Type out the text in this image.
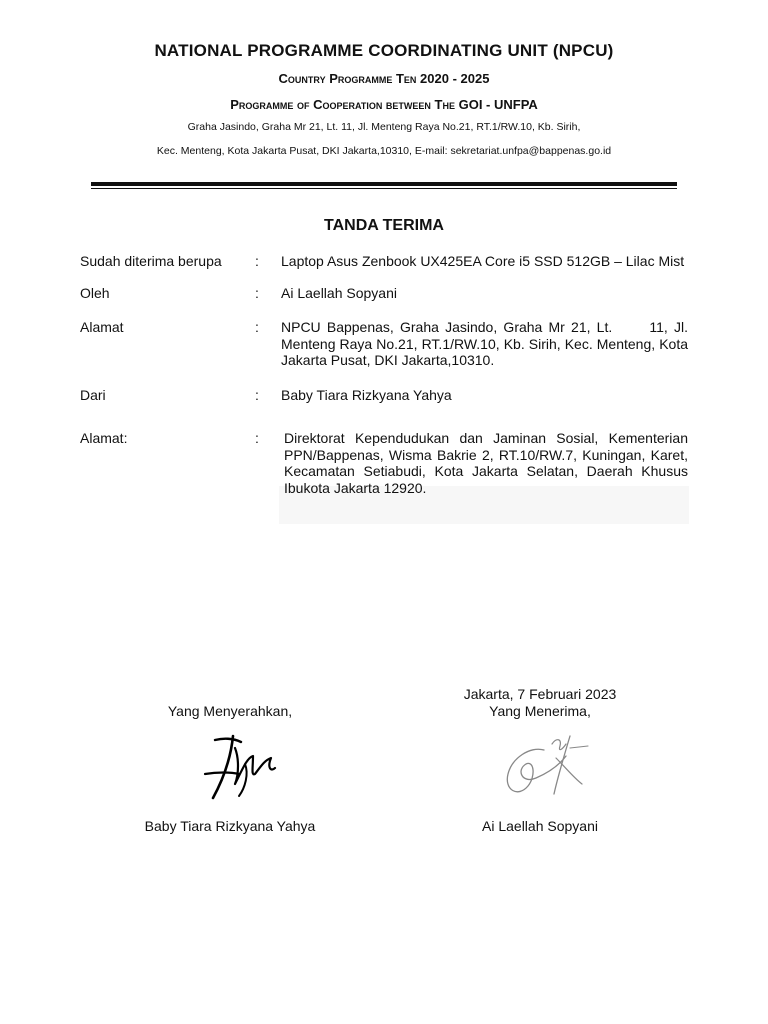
NATIONAL PROGRAMME COORDINATING UNIT (NPCU)
Country Programme Ten 2020 - 2025
Programme of Cooperation between The GOI - UNFPA
Graha Jasindo, Graha Mr 21, Lt. 11, Jl. Menteng Raya No.21, RT.1/RW.10, Kb. Sirih,
Kec. Menteng, Kota Jakarta Pusat, DKI Jakarta,10310, E-mail: sekretariat.unfpa@bappenas.go.id
TANDA TERIMA
Sudah diterima berupa : Laptop Asus Zenbook UX425EA Core i5 SSD 512GB – Lilac Mist
Oleh	: Ai Laellah Sopyani
Alamat	: NPCU Bappenas, Graha Jasindo, Graha Mr 21, Lt.      11, Jl. Menteng Raya No.21, RT.1/RW.10, Kb. Sirih, Kec. Menteng, Kota Jakarta Pusat, DKI Jakarta,10310.
Dari	: Baby Tiara Rizkyana Yahya
Alamat:	: Direktorat Kependudukan dan Jaminan Sosial, Kementerian PPN/Bappenas, Wisma Bakrie 2, RT.10/RW.7, Kuningan, Karet, Kecamatan Setiabudi, Kota Jakarta Selatan, Daerah Khusus Ibukota Jakarta 12920.
Jakarta, 7 Februari 2023
Yang Menyerahkan,	Yang Menerima,
Baby Tiara Rizkyana Yahya	Ai Laellah Sopyani
